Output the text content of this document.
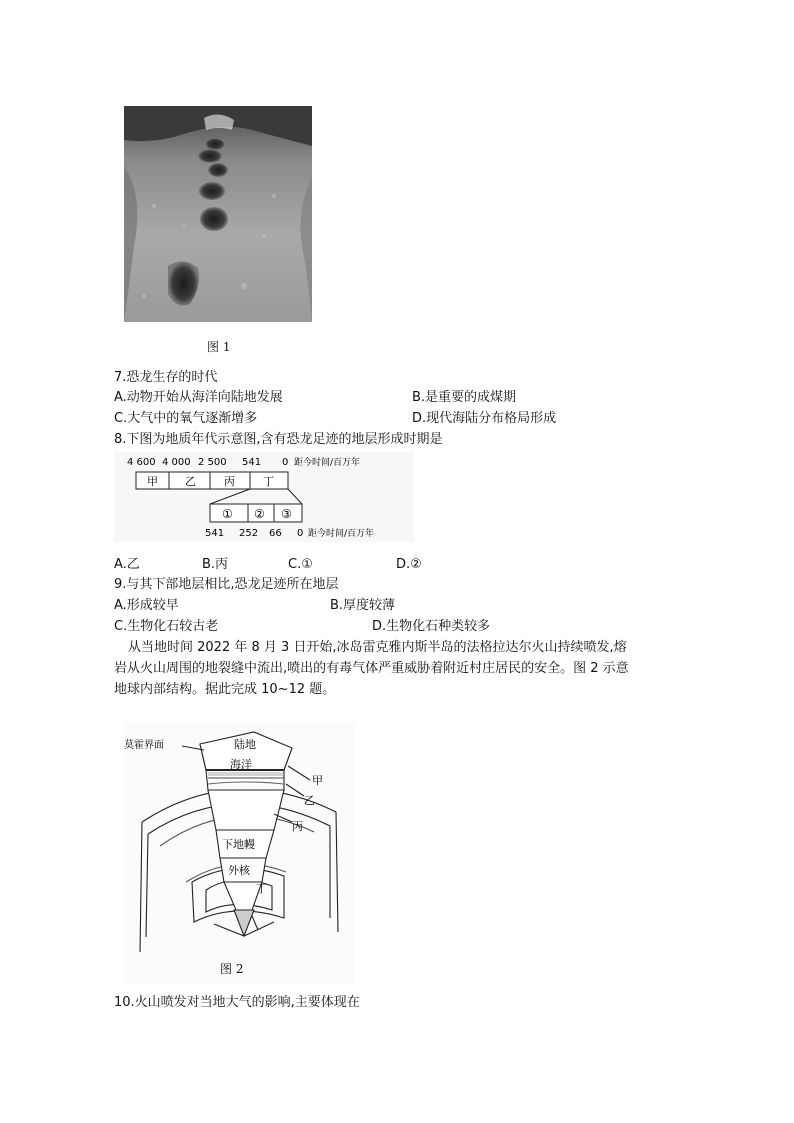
图 1
7.恐龙生存的时代
A.动物开始从海洋向陆地发展	B.是重要的成煤期
C.大气中的氧气逐渐增多	D.现代海陆分布格局形成
8.下图为地质年代示意图,含有恐龙足迹的地层形成时期是
4 600 4 000 2 500 541 0 距今时间/百万年
甲 乙	丙	丁
① ② ③
541 252 66 0 距今时间/百万年
A.乙	B.丙	C.①	D.②
9.与其下部地层相比,恐龙足迹所在地层
A.形成较早	B.厚度较薄
C.生物化石较古老	D.生物化石种类较多
从当地时间 2022 年 8 月 3 日开始,冰岛雷克雅内斯半岛的法格拉达尔火山持续喷发,熔
岩从火山周围的地裂缝中流出,喷出的有毒气体严重威胁着附近村庄居民的安全。图 2 示意
地球内部结构。据此完成 10~12 题。
莫霍界面	陆地
海洋
甲
乙
下地幔
丙
外核
丁
图 2
10.火山喷发对当地大气的影响,主要体现在
